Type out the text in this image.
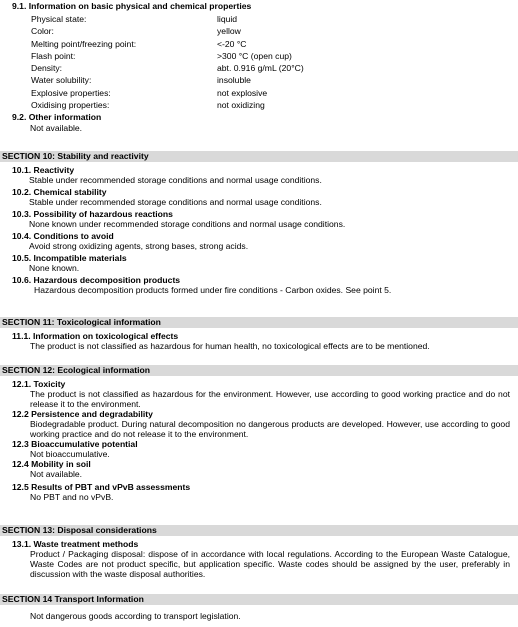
9.1. Information on basic physical and chemical properties
Physical state:	liquid
Color:	yellow
Melting point/freezing point:	<-20 °C
Flash point:	>300 °C (open cup)
Density:	abt. 0.916 g/mL (20°C)
Water solubility:	insoluble
Explosive properties:	not explosive
Oxidising properties:	not oxidizing
9.2. Other information
Not available.
SECTION 10: Stability and reactivity
10.1. Reactivity
Stable under recommended storage conditions and normal usage conditions.
10.2. Chemical stability
Stable under recommended storage conditions and normal usage conditions.
10.3. Possibility of hazardous reactions
None known under recommended storage conditions and normal usage conditions.
10.4. Conditions to avoid
Avoid strong oxidizing agents, strong bases, strong acids.
10.5. Incompatible materials
None known.
10.6. Hazardous decomposition products
Hazardous decomposition products formed under fire conditions - Carbon oxides. See point 5.
SECTION 11: Toxicological information
11.1. Information on toxicological effects
The product is not classified as hazardous for human health, no toxicological effects are to be mentioned.
SECTION 12: Ecological information
12.1. Toxicity
The product is not classified as hazardous for the environment. However, use according to good working practice and do not release it to the environment.
12.2 Persistence and degradability
Biodegradable product. During natural decomposition no dangerous products are developed. However, use according to good working practice and do not release it to the environment.
12.3 Bioaccumulative potential
Not bioaccumulative.
12.4 Mobility in soil
Not available.
12.5 Results of PBT and vPvB assessments
No PBT and no vPvB.
SECTION 13: Disposal considerations
13.1. Waste treatment methods
Product / Packaging disposal: dispose of in accordance with local regulations. According to the European Waste Catalogue, Waste Codes are not product specific, but application specific. Waste codes should be assigned by the user, preferably in discussion with the waste disposal authorities.
SECTION 14 Transport Information
Not dangerous goods according to transport legislation.
